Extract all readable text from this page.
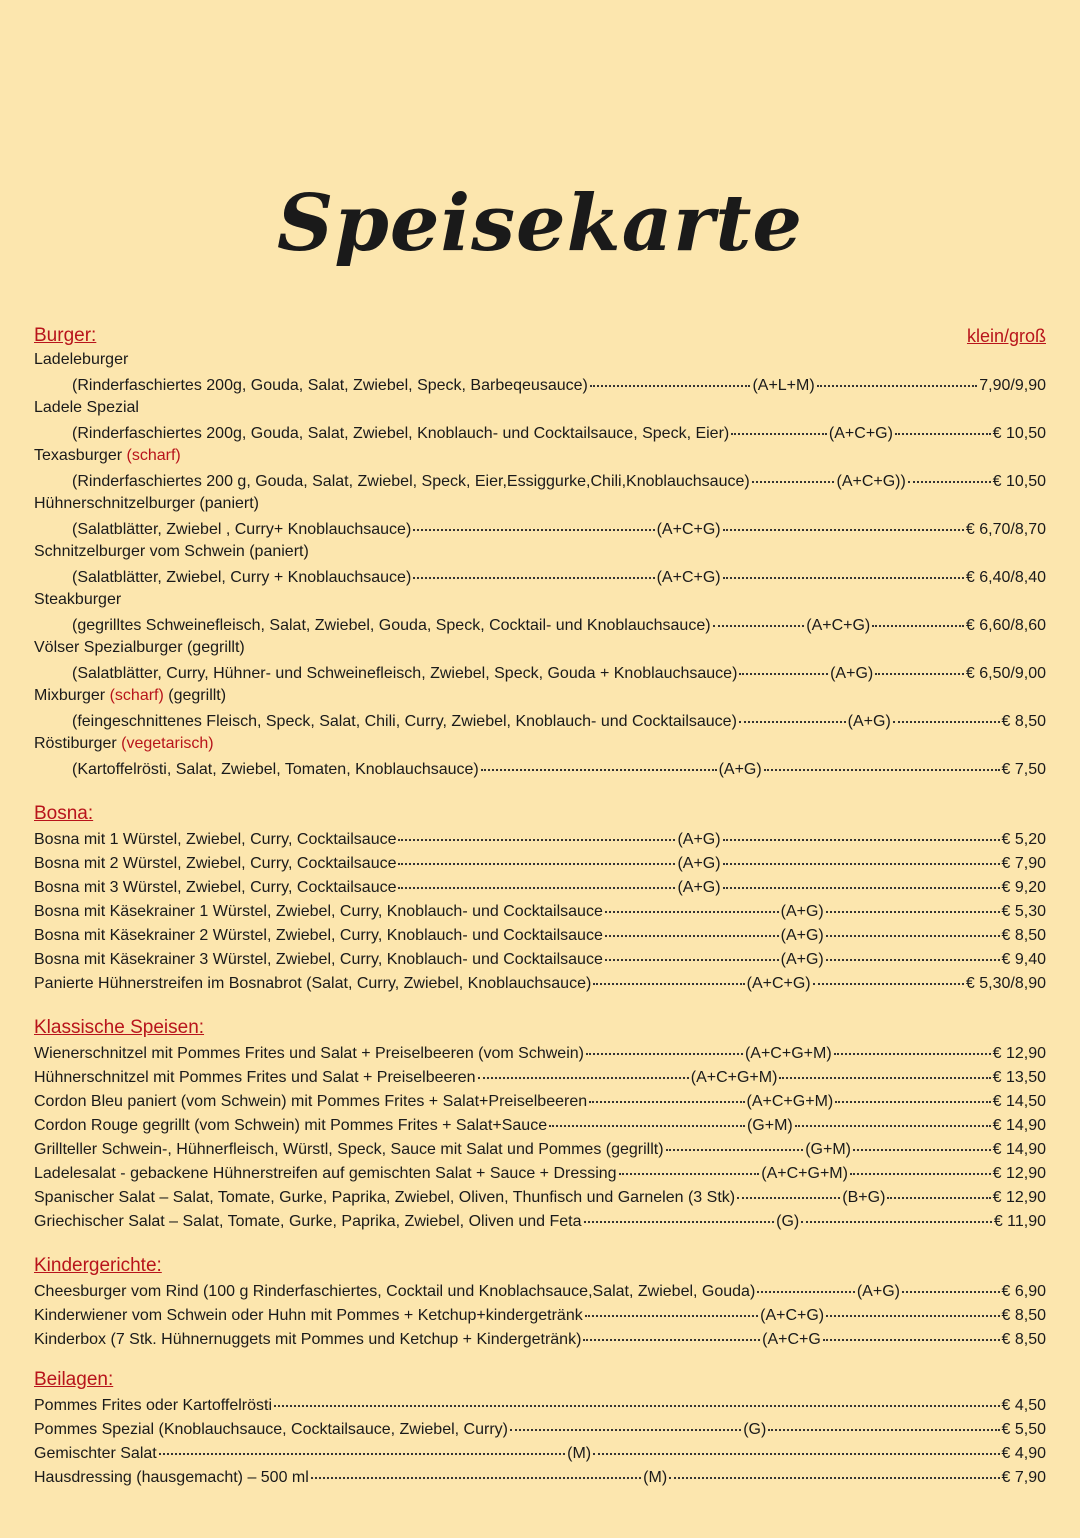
Speisekarte
Burger:	klein/groß
Ladeleburger
(Rinderfaschiertes 200g, Gouda, Salat, Zwiebel, Speck, Barbeqeusauce)	(A+L+M)	7,90/9,90
Ladele Spezial
(Rinderfaschiertes 200g, Gouda, Salat, Zwiebel, Knoblauch- und Cocktailsauce, Speck, Eier)	(A+C+G)	€ 10,50
Texasburger (scharf)
(Rinderfaschiertes 200 g, Gouda, Salat, Zwiebel, Speck, Eier,Essiggurke,Chili,Knoblauchsauce)	(A+C+G))	€ 10,50
Hühnerschnitzelburger (paniert)
(Salatblätter, Zwiebel , Curry+ Knoblauchsauce)	(A+C+G)	€ 6,70/8,70
Schnitzelburger vom Schwein (paniert)
(Salatblätter, Zwiebel, Curry + Knoblauchsauce)	(A+C+G)	€ 6,40/8,40
Steakburger
(gegrilltes Schweinefleisch, Salat, Zwiebel, Gouda, Speck, Cocktail- und Knoblauchsauce)	(A+C+G)	€ 6,60/8,60
Völser Spezialburger (gegrillt)
(Salatblätter, Curry, Hühner- und Schweinefleisch, Zwiebel, Speck, Gouda + Knoblauchsauce)	(A+G)	€ 6,50/9,00
Mixburger (scharf) (gegrillt)
(feingeschnittenes Fleisch, Speck, Salat, Chili, Curry, Zwiebel, Knoblauch- und Cocktailsauce)	(A+G)	€ 8,50
Röstiburger (vegetarisch)
(Kartoffelrösti, Salat, Zwiebel, Tomaten, Knoblauchsauce)	(A+G)	€ 7,50
Bosna:
Bosna mit 1 Würstel, Zwiebel, Curry, Cocktailsauce	(A+G)	€ 5,20
Bosna mit 2 Würstel, Zwiebel, Curry, Cocktailsauce	(A+G)	€ 7,90
Bosna mit 3 Würstel, Zwiebel, Curry, Cocktailsauce	(A+G)	€ 9,20
Bosna mit Käsekrainer 1 Würstel, Zwiebel, Curry, Knoblauch- und Cocktailsauce	(A+G)	€ 5,30
Bosna mit Käsekrainer 2 Würstel, Zwiebel, Curry, Knoblauch- und Cocktailsauce	(A+G)	€ 8,50
Bosna mit Käsekrainer 3 Würstel, Zwiebel, Curry, Knoblauch- und Cocktailsauce	(A+G)	€ 9,40
Panierte Hühnerstreifen im Bosnabrot (Salat, Curry, Zwiebel, Knoblauchsauce)	(A+C+G)	€ 5,30/8,90
Klassische Speisen:
Wienerschnitzel mit Pommes Frites und Salat + Preiselbeeren (vom Schwein)	(A+C+G+M)	€ 12,90
Hühnerschnitzel mit Pommes Frites und Salat + Preiselbeeren	(A+C+G+M)	€ 13,50
Cordon Bleu paniert (vom Schwein) mit Pommes Frites + Salat+Preiselbeeren	(A+C+G+M)	€ 14,50
Cordon Rouge gegrillt (vom Schwein) mit Pommes Frites + Salat+Sauce	(G+M)	€ 14,90
Grillteller Schwein-, Hühnerfleisch, Würstl, Speck, Sauce mit Salat und Pommes (gegrillt)	(G+M)	€ 14,90
Ladelesalat - gebackene Hühnerstreifen auf gemischten Salat + Sauce + Dressing	(A+C+G+M)	€ 12,90
Spanischer Salat – Salat, Tomate, Gurke, Paprika, Zwiebel, Oliven, Thunfisch und Garnelen (3 Stk)	(B+G)	€ 12,90
Griechischer Salat – Salat, Tomate, Gurke, Paprika, Zwiebel, Oliven und Feta	(G)	€ 11,90
Kindergerichte:
Cheesburger vom Rind (100 g Rinderfaschiertes, Cocktail und Knoblachsauce,Salat, Zwiebel, Gouda)	(A+G)	€ 6,90
Kinderwiener vom Schwein oder Huhn mit Pommes + Ketchup+kindergetränk	(A+C+G)	€ 8,50
Kinderbox (7 Stk. Hühnernuggets mit Pommes und Ketchup + Kindergetränk)	(A+C+G	€ 8,50
Beilagen:
Pommes Frites oder Kartoffelrösti	€ 4,50
Pommes Spezial (Knoblauchsauce, Cocktailsauce, Zwiebel, Curry)	(G)	€ 5,50
Gemischter Salat	(M)	€ 4,90
Hausdressing (hausgemacht) – 500 ml	(M)	€ 7,90
